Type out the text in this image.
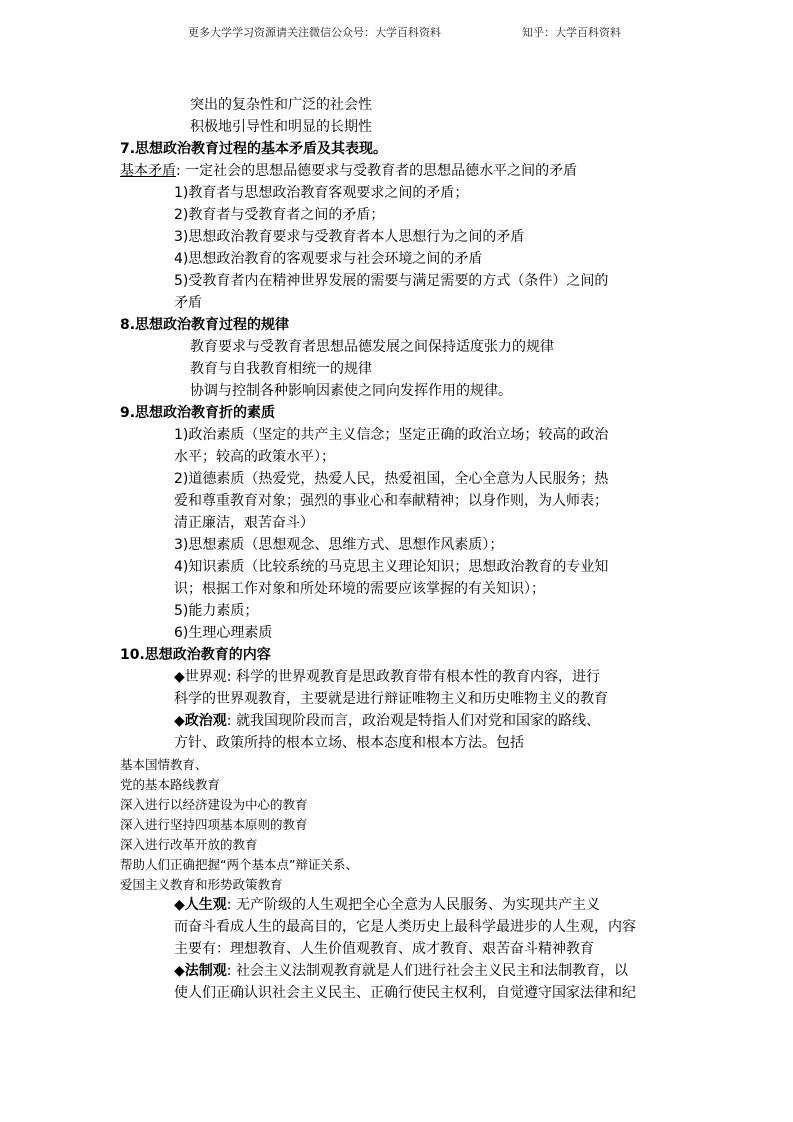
更多大学学习资源请关注微信公众号：大学百科资料	知乎：大学百科资料
突出的复杂性和广泛的社会性
积极地引导性和明显的长期性
7.思想政治教育过程的基本矛盾及其表现。
基本矛盾: 一定社会的思想品德要求与受教育者的思想品德水平之间的矛盾
1)教育者与思想政治教育客观要求之间的矛盾；
2)教育者与受教育者之间的矛盾；
3)思想政治教育要求与受教育者本人思想行为之间的矛盾
4)思想政治教育的客观要求与社会环境之间的矛盾
5)受教育者内在精神世界发展的需要与满足需要的方式（条件）之间的
矛盾
8.思想政治教育过程的规律
教育要求与受教育者思想品德发展之间保持适度张力的规律
教育与自我教育相统一的规律
协调与控制各种影响因素使之同向发挥作用的规律。
9.思想政治教育折的素质
1)政治素质（坚定的共产主义信念；坚定正确的政治立场；较高的政治
水平；较高的政策水平）；
2)道德素质（热爱党，热爱人民，热爱祖国，全心全意为人民服务；热
爱和尊重教育对象；强烈的事业心和奉献精神；以身作则，为人师表；
清正廉洁，艰苦奋斗）
3)思想素质（思想观念、思维方式、思想作风素质）；
4)知识素质（比较系统的马克思主义理论知识；思想政治教育的专业知
识；根据工作对象和所处环境的需要应该掌握的有关知识）；
5)能力素质；
6)生理心理素质
10.思想政治教育的内容
◆世界观: 科学的世界观教育是思政教育带有根本性的教育内容，进行
科学的世界观教育，主要就是进行辩证唯物主义和历史唯物主义的教育
◆政治观: 就我国现阶段而言，政治观是特指人们对党和国家的路线、
方针、政策所持的根本立场、根本态度和根本方法。包括
基本国情教育、
党的基本路线教育
深入进行以经济建设为中心的教育
深入进行坚持四项基本原则的教育
深入进行改革开放的教育
帮助人们正确把握“两个基本点”辩证关系、
爱国主义教育和形势政策教育
◆人生观: 无产阶级的人生观把全心全意为人民服务、为实现共产主义
而奋斗看成人生的最高目的，它是人类历史上最科学最进步的人生观，内容
主要有：理想教育、人生价值观教育、成才教育、艰苦奋斗精神教育
◆法制观: 社会主义法制观教育就是人们进行社会主义民主和法制教育，以
使人们正确认识社会主义民主、正确行使民主权利，自觉遵守国家法律和纪
